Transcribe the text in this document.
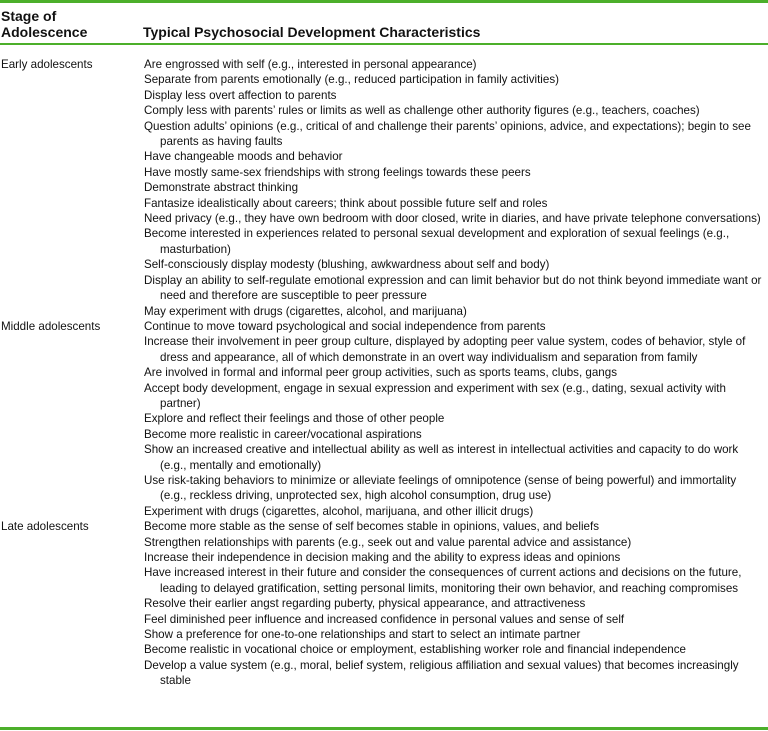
Stage of Adolescence	Typical Psychosocial Development Characteristics
Early adolescents	Are engrossed with self (e.g., interested in personal appearance)
Separate from parents emotionally (e.g., reduced participation in family activities)
Display less overt affection to parents
Comply less with parents’ rules or limits as well as challenge other authority figures (e.g., teachers, coaches)
Question adults’ opinions (e.g., critical of and challenge their parents’ opinions, advice, and expectations); begin to see parents as having faults
Have changeable moods and behavior
Have mostly same-sex friendships with strong feelings towards these peers
Demonstrate abstract thinking
Fantasize idealistically about careers; think about possible future self and roles
Need privacy (e.g., they have own bedroom with door closed, write in diaries, and have private telephone conversations)
Become interested in experiences related to personal sexual development and exploration of sexual feelings (e.g., masturbation)
Self-consciously display modesty (blushing, awkwardness about self and body)
Display an ability to self-regulate emotional expression and can limit behavior but do not think beyond immediate want or need and therefore are susceptible to peer pressure
May experiment with drugs (cigarettes, alcohol, and marijuana)
Middle adolescents	Continue to move toward psychological and social independence from parents
Increase their involvement in peer group culture, displayed by adopting peer value system, codes of behavior, style of dress and appearance, all of which demonstrate in an overt way individualism and separation from family
Are involved in formal and informal peer group activities, such as sports teams, clubs, gangs
Accept body development, engage in sexual expression and experiment with sex (e.g., dating, sexual activity with partner)
Explore and reflect their feelings and those of other people
Become more realistic in career/vocational aspirations
Show an increased creative and intellectual ability as well as interest in intellectual activities and capacity to do work (e.g., mentally and emotionally)
Use risk-taking behaviors to minimize or alleviate feelings of omnipotence (sense of being powerful) and immortality (e.g., reckless driving, unprotected sex, high alcohol consumption, drug use)
Experiment with drugs (cigarettes, alcohol, marijuana, and other illicit drugs)
Late adolescents	Become more stable as the sense of self becomes stable in opinions, values, and beliefs
Strengthen relationships with parents (e.g., seek out and value parental advice and assistance)
Increase their independence in decision making and the ability to express ideas and opinions
Have increased interest in their future and consider the consequences of current actions and decisions on the future, leading to delayed gratification, setting personal limits, monitoring their own behavior, and reaching compromises
Resolve their earlier angst regarding puberty, physical appearance, and attractiveness
Feel diminished peer influence and increased confidence in personal values and sense of self
Show a preference for one-to-one relationships and start to select an intimate partner
Become realistic in vocational choice or employment, establishing worker role and financial independence
Develop a value system (e.g., moral, belief system, religious affiliation and sexual values) that becomes increasingly stable
